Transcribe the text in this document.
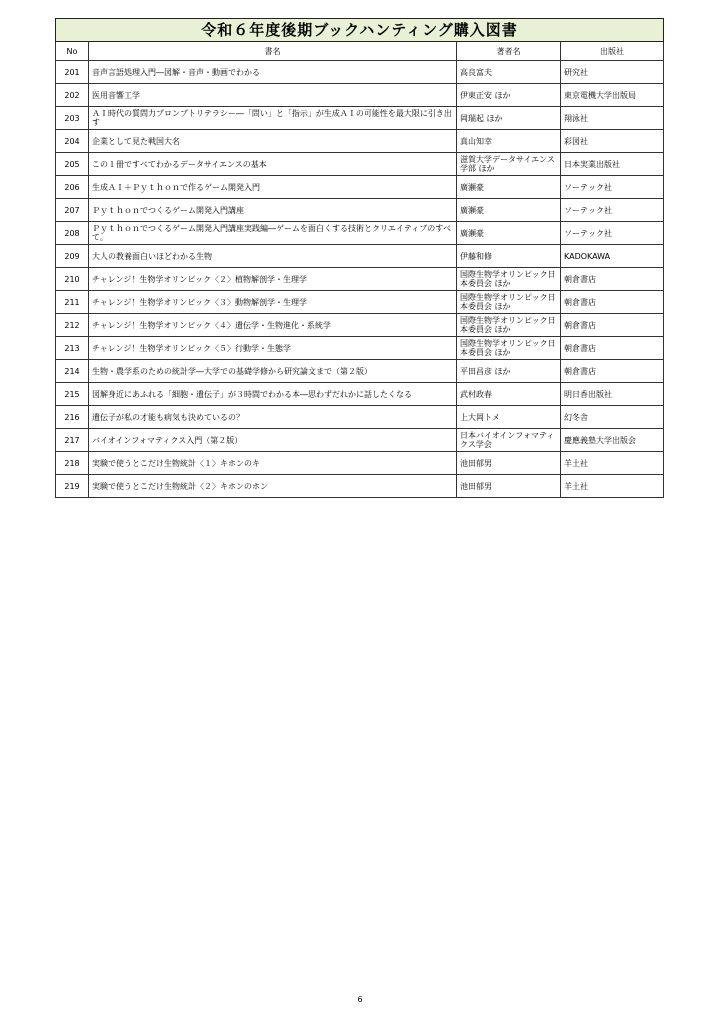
令和６年度後期ブックハンティング購入図書			
No	書名	著者名	出版社
201	音声言語処理入門―図解・音声・動画でわかる	高良富夫	研究社
202	医用音響工学	伊東正安 ほか	東京電機大学出版局
203	ＡＩ時代の質問力プロンプトリテラシー―「問い」と「指示」が生成ＡＩの可能性を最大限に引き出す	岡瑞起 ほか	翔泳社
204	企業として見た戦国大名	真山知幸	彩図社
205	この１冊ですべてわかるデータサイエンスの基本	滋賀大学データサイエンス学部 ほか	日本実業出版社
206	生成ＡＩ＋Ｐｙｔｈｏｎで作るゲーム開発入門	廣瀬豪	ソーテック社
207	Ｐｙｔｈｏｎでつくるゲーム開発入門講座	廣瀬豪	ソーテック社
208	Ｐｙｔｈｏｎでつくるゲーム開発入門講座実践編―ゲームを面白くする技術とクリエイティブのすべて。	廣瀬豪	ソーテック社
209	大人の教養面白いほどわかる生物	伊藤和修	KADOKAWA
210	チャレンジ！生物学オリンピック〈２〉植物解剖学・生理学	国際生物学オリンピック日本委員会 ほか	朝倉書店
211	チャレンジ！生物学オリンピック〈３〉動物解剖学・生理学	国際生物学オリンピック日本委員会 ほか	朝倉書店
212	チャレンジ！生物学オリンピック〈４〉遺伝学・生物進化・系統学	国際生物学オリンピック日本委員会 ほか	朝倉書店
213	チャレンジ！生物学オリンピック〈５〉行動学・生態学	国際生物学オリンピック日本委員会 ほか	朝倉書店
214	生物・農学系のための統計学―大学での基礎学修から研究論文まで（第２版）	平田昌彦 ほか	朝倉書店
215	図解身近にあふれる「細胞・遺伝子」が３時間でわかる本―思わずだれかに話したくなる	武村政春	明日香出版社
216	遺伝子が私の才能も病気も決めているの？	上大岡トメ	幻冬舎
217	バイオインフォマティクス入門（第２版）	日本バイオインフォマティクス学会	慶應義塾大学出版会
218	実験で使うとこだけ生物統計〈１〉キホンのキ	池田郁男	羊土社
219	実験で使うとこだけ生物統計〈２〉キホンのホン	池田郁男	羊土社
6
